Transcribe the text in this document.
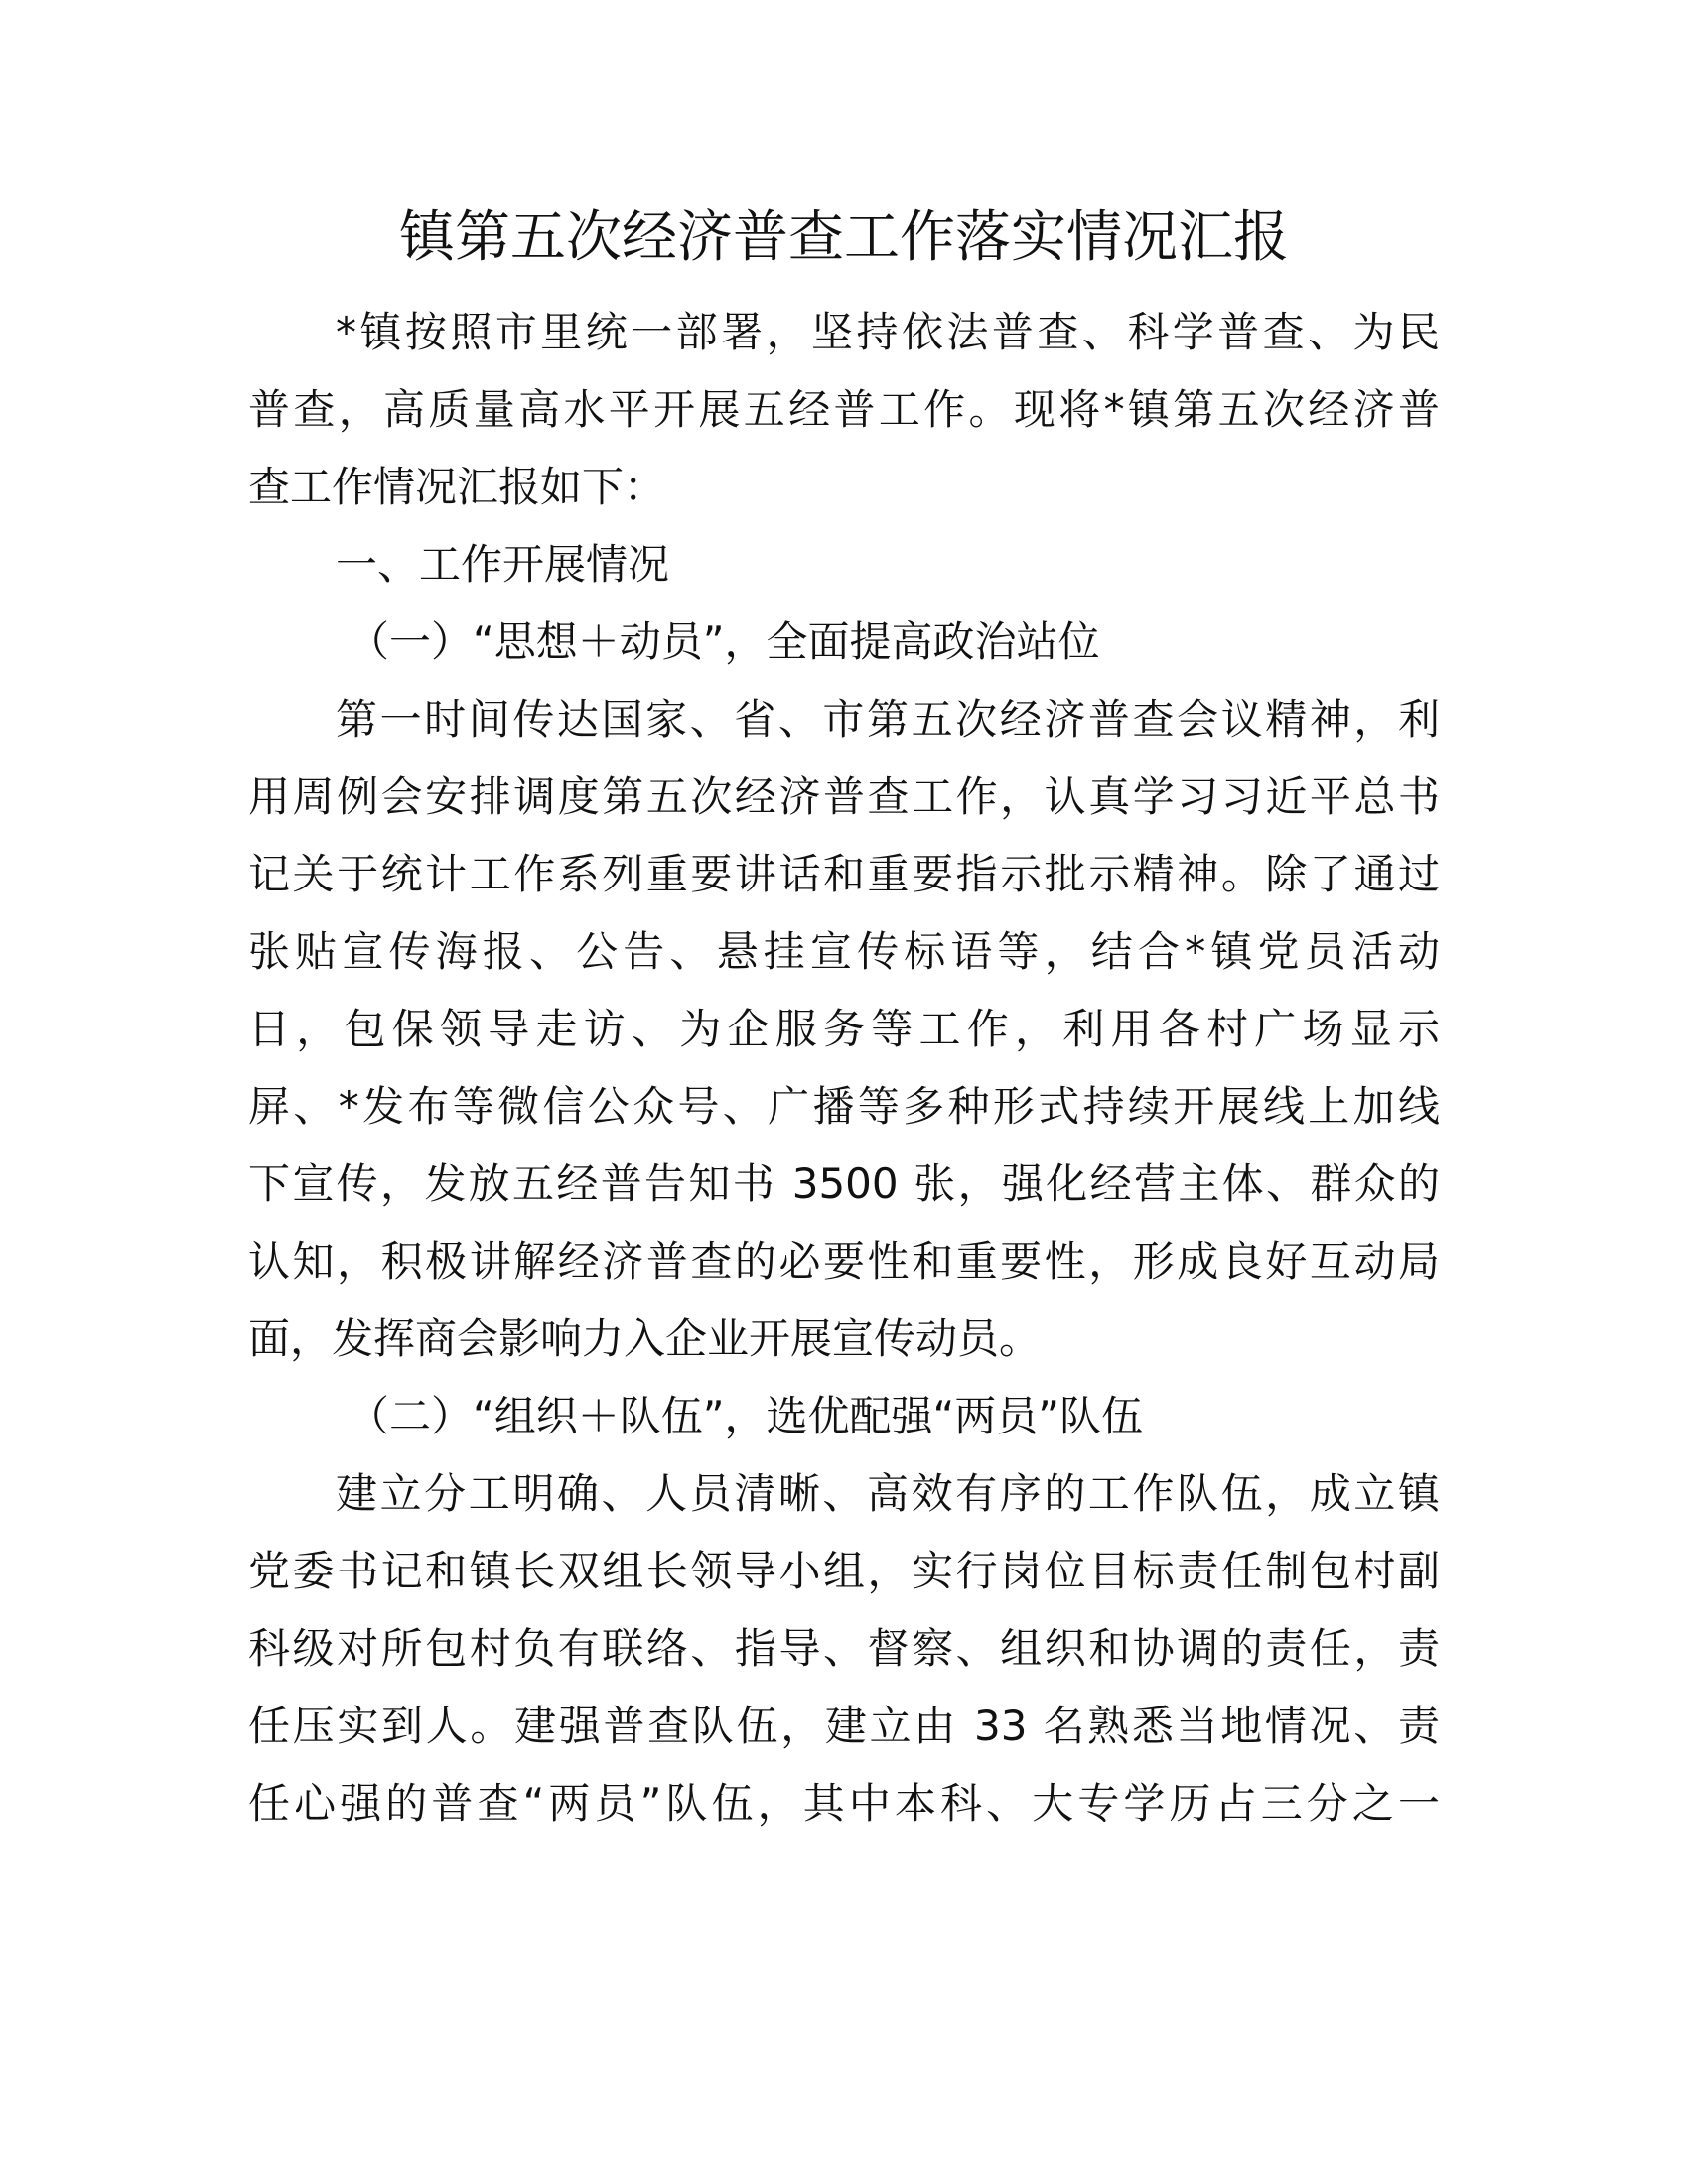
镇第五次经济普查工作落实情况汇报
*镇按照市里统一部署，坚持依法普查、科学普查、为民
普查，高质量高水平开展五经普工作。现将*镇第五次经济普
查工作情况汇报如下：
一、工作开展情况
（一）“思想＋动员”，全面提高政治站位
第一时间传达国家、省、市第五次经济普查会议精神，利
用周例会安排调度第五次经济普查工作，认真学习习近平总书
记关于统计工作系列重要讲话和重要指示批示精神。除了通过
张贴宣传海报、公告、悬挂宣传标语等，结合*镇党员活动
日，包保领导走访、为企服务等工作，利用各村广场显示
屏、*发布等微信公众号、广播等多种形式持续开展线上加线
下宣传，发放五经普告知书 3500 张，强化经营主体、群众的
认知，积极讲解经济普查的必要性和重要性，形成良好互动局
面，发挥商会影响力入企业开展宣传动员。
（二）“组织＋队伍”，选优配强“两员”队伍
建立分工明确、人员清晰、高效有序的工作队伍，成立镇
党委书记和镇长双组长领导小组，实行岗位目标责任制包村副
科级对所包村负有联络、指导、督察、组织和协调的责任，责
任压实到人。建强普查队伍，建立由 33 名熟悉当地情况、责
任心强的普查“两员”队伍，其中本科、大专学历占三分之一
